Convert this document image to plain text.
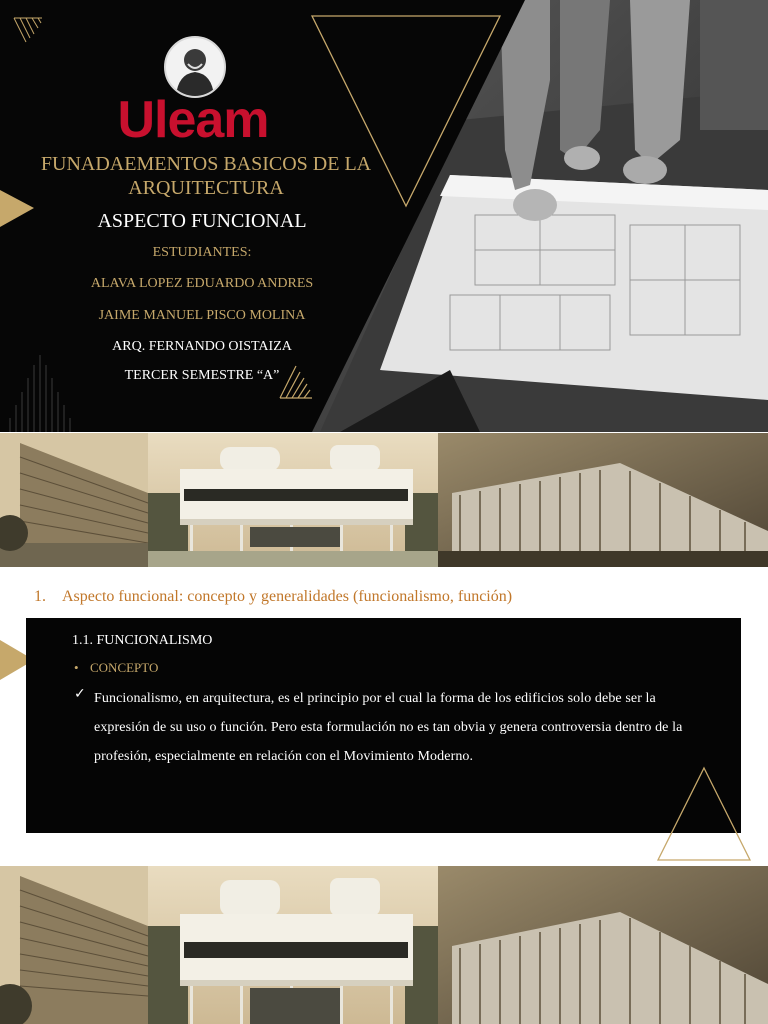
Uleam
FUNADAEMENTOS BASICOS DE LA
ARQUITECTURA
ASPECTO FUNCIONAL
ESTUDIANTES:
ALAVA LOPEZ EDUARDO ANDRES
JAIME MANUEL PISCO MOLINA
ARQ. FERNANDO OISTAIZA
TERCER SEMESTRE “A”
1. Aspecto funcional: concepto y generalidades (funcionalismo, función)
1.1. FUNCIONALISMO
• CONCEPTO
✓ Funcionalismo, en arquitectura, es el principio por el cual la forma de los edificios solo debe ser la expresión de su uso o función. Pero esta formulación no es tan obvia y genera controversia dentro de la profesión, especialmente en relación con el Movimiento Moderno.
